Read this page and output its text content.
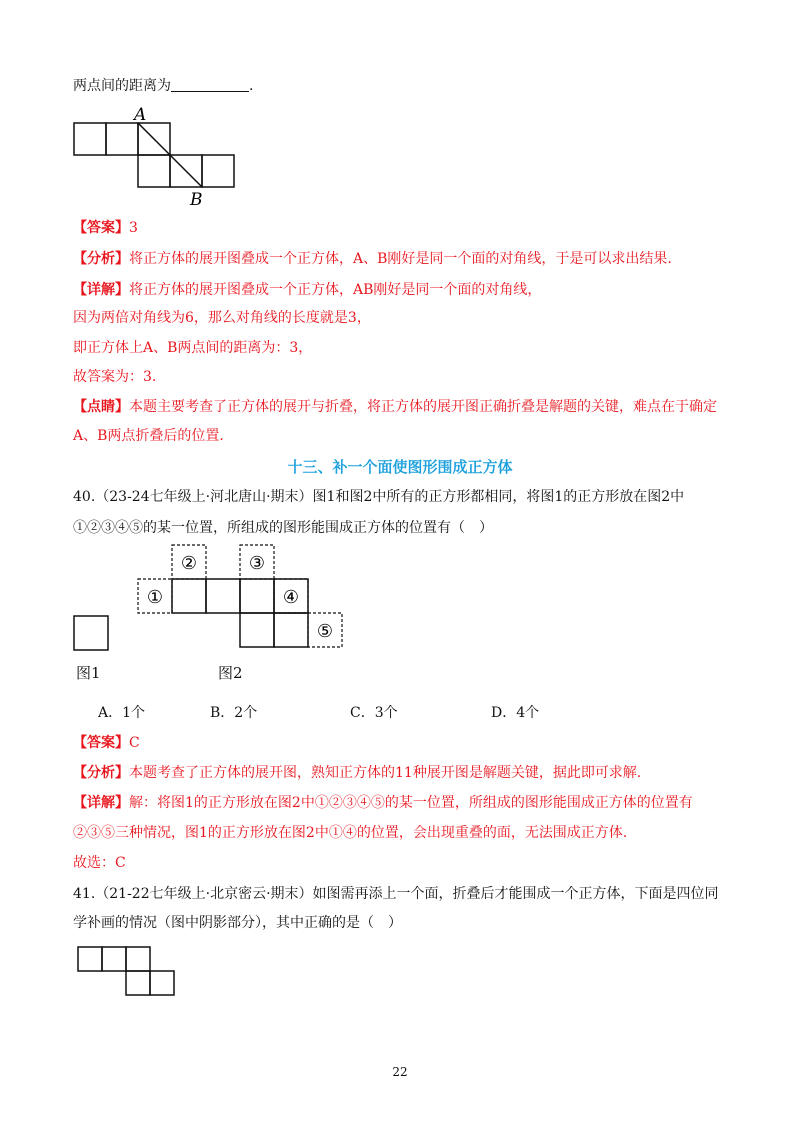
两点间的距离为	.
A
B
【答案】3
【分析】将正方体的展开图叠成一个正方体，A、B刚好是同一个面的对角线，于是可以求出结果.
【详解】将正方体的展开图叠成一个正方体，AB刚好是同一个面的对角线，
因为两倍对角线为6，那么对角线的长度就是3，
即正方体上A、B两点间的距离为：3，
故答案为：3.
【点睛】本题主要考查了正方体的展开与折叠，将正方体的展开图正确折叠是解题的关键，难点在于确定
A、B两点折叠后的位置.
十三、补一个面使图形围成正方体
40.（23-24七年级上·河北唐山·期末）图1和图2中所有的正方形都相同，将图1的正方形放在图2中
①②③④⑤的某一位置，所组成的图形能围成正方体的位置有（　）
①
②	③
④
⑤
图1	图2
A．1个	B．2个	C．3个	D．4个
【答案】C
【分析】本题考查了正方体的展开图，熟知正方体的11种展开图是解题关键，据此即可求解.
【详解】解：将图1的正方形放在图2中①②③④⑤的某一位置，所组成的图形能围成正方体的位置有
②③⑤三种情况，图1的正方形放在图2中①④的位置，会出现重叠的面，无法围成正方体.
故选：C
41.（21-22七年级上·北京密云·期末）如图需再添上一个面，折叠后才能围成一个正方体，下面是四位同
学补画的情况（图中阴影部分），其中正确的是（　）
22
